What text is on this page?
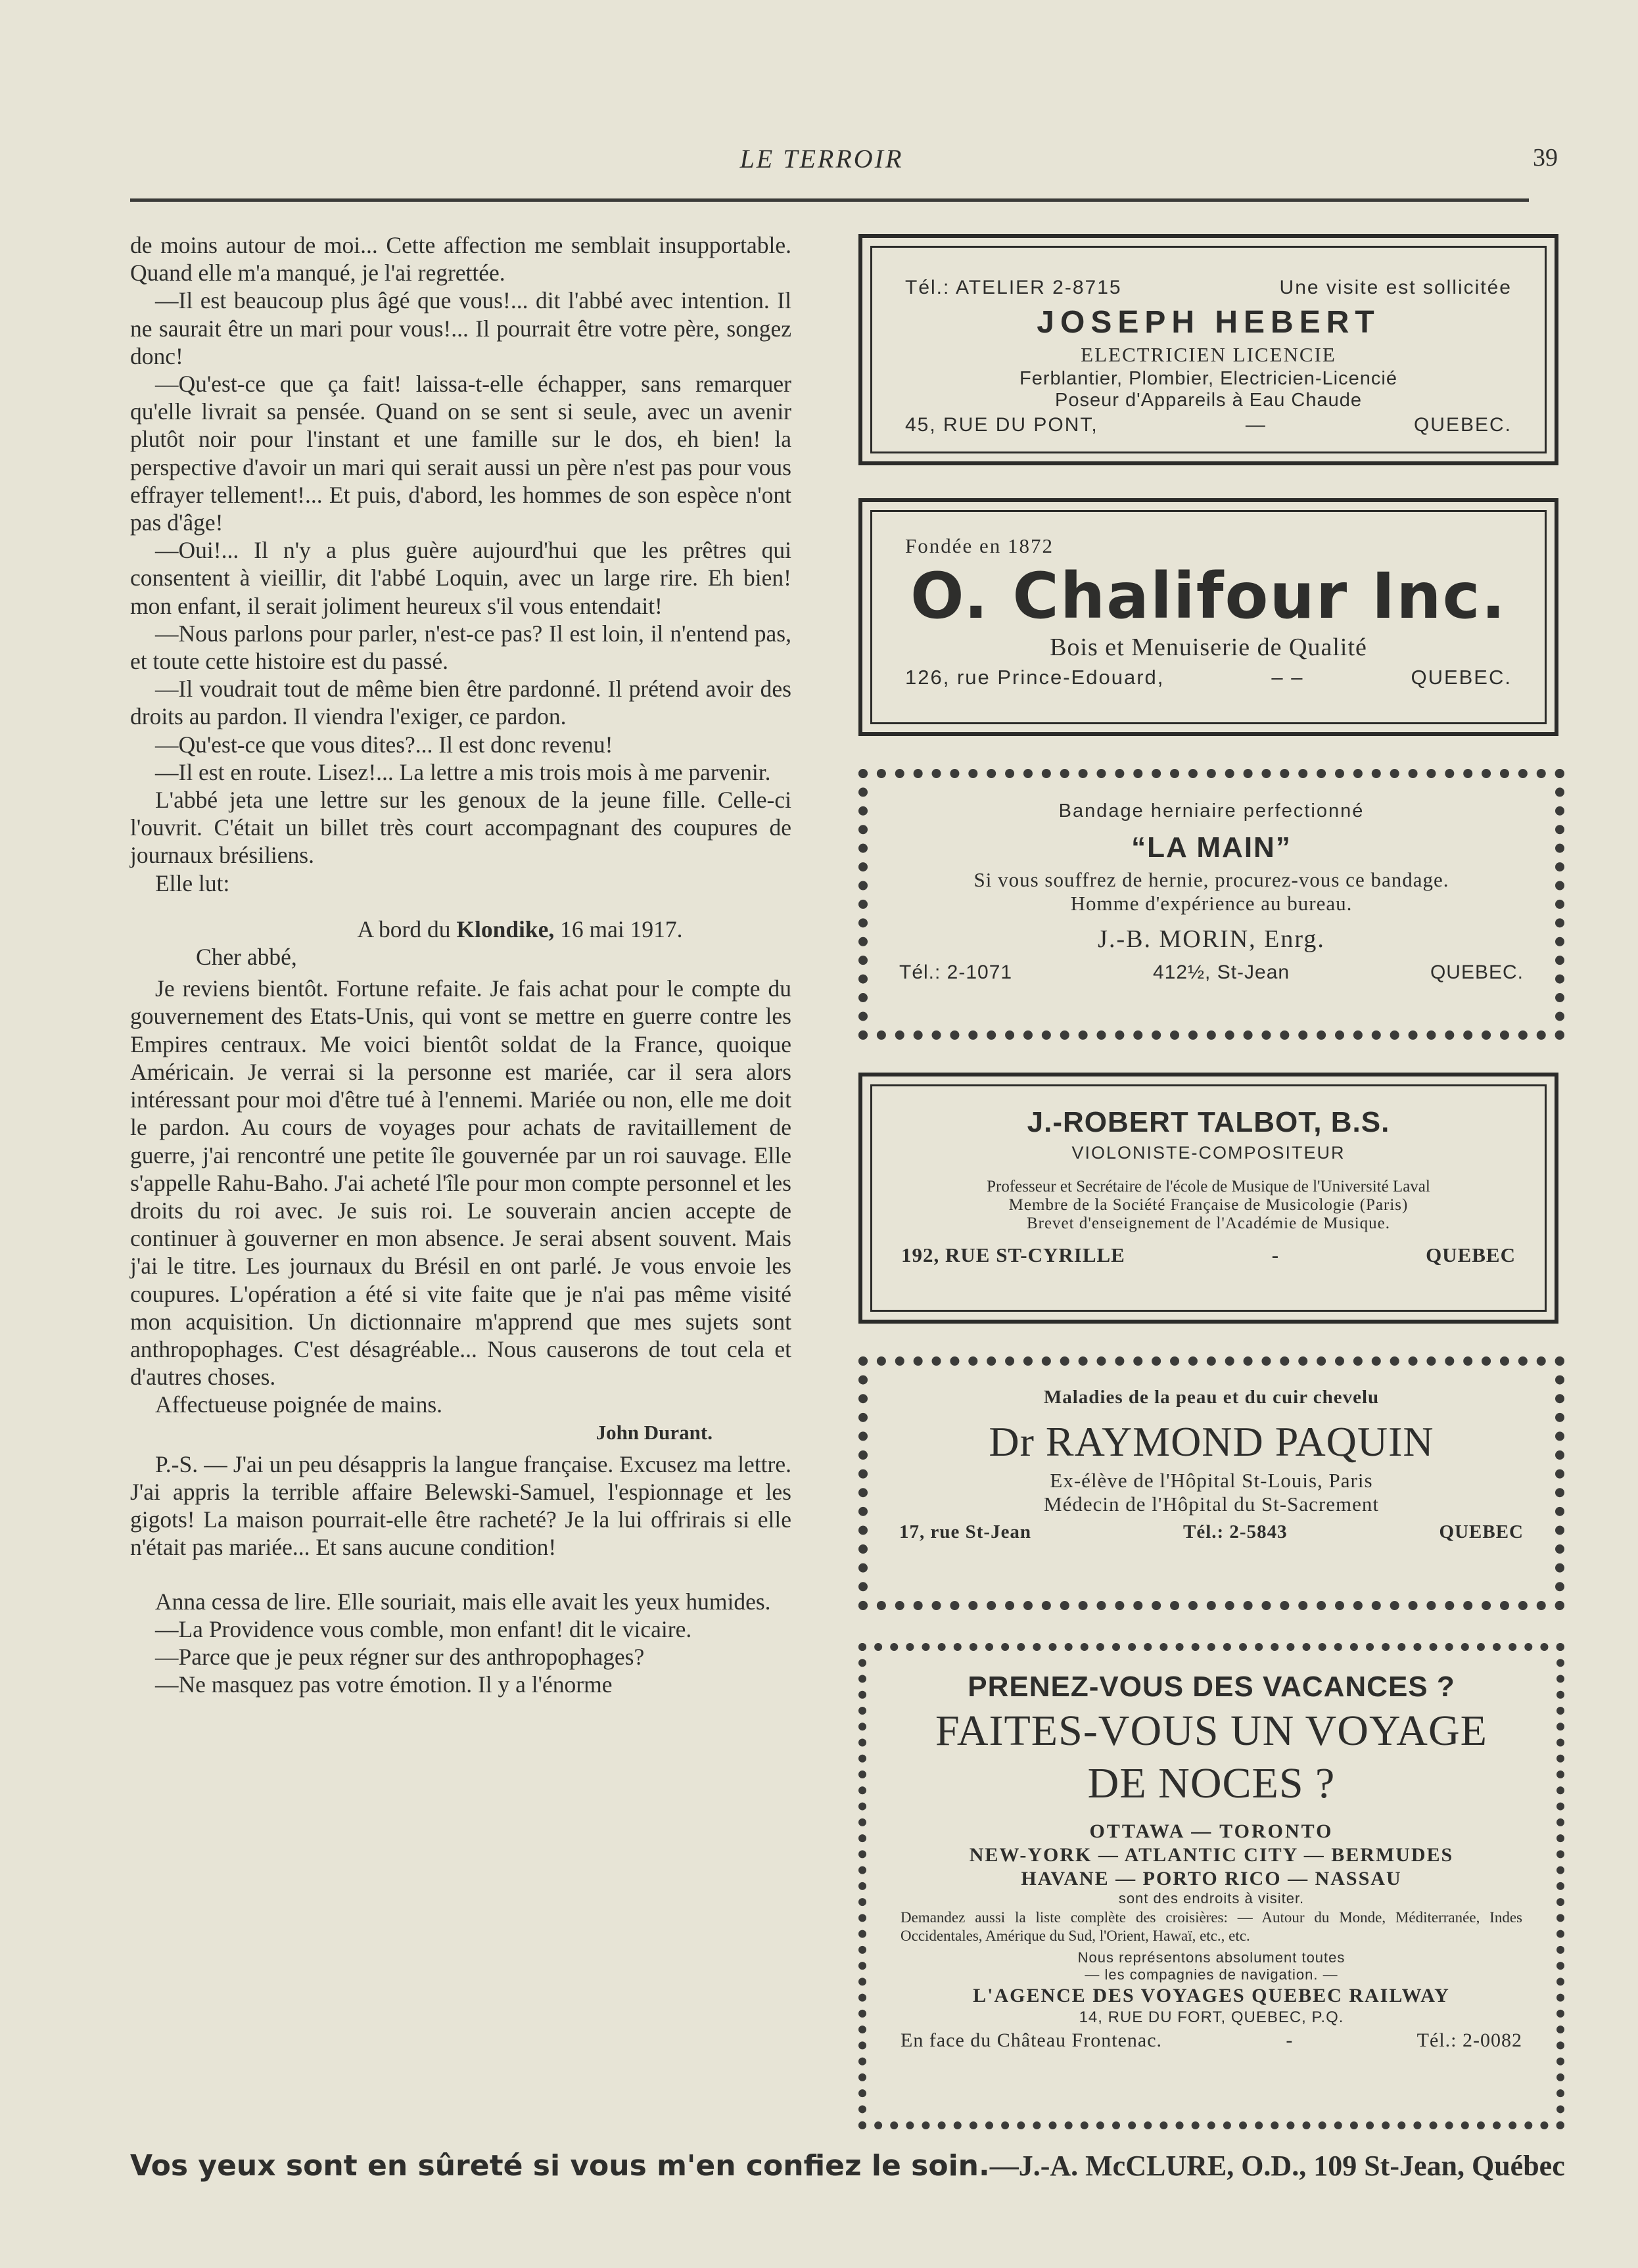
LE TERROIR	39

de moins autour de moi... Cette affection me semblait insupportable. Quand elle m'a manqué, je l'ai regrettée.

—Il est beaucoup plus âgé que vous!... dit l'abbé avec intention. Il ne saurait être un mari pour vous!... Il pourrait être votre père, songez donc!

—Qu'est-ce que ça fait! laissa-t-elle échapper, sans remarquer qu'elle livrait sa pensée. Quand on se sent si seule, avec un avenir plutôt noir pour l'instant et une famille sur le dos, eh bien! la perspective d'avoir un mari qui serait aussi un père n'est pas pour vous effrayer tellement!... Et puis, d'abord, les hommes de son espèce n'ont pas d'âge!

—Oui!... Il n'y a plus guère aujourd'hui que les prêtres qui consentent à vieillir, dit l'abbé Loquin, avec un large rire. Eh bien! mon enfant, il serait joliment heureux s'il vous entendait!

—Nous parlons pour parler, n'est-ce pas? Il est loin, il n'entend pas, et toute cette histoire est du passé.

—Il voudrait tout de même bien être pardonné. Il prétend avoir des droits au pardon. Il viendra l'exiger, ce pardon.

—Qu'est-ce que vous dites?... Il est donc revenu!

—Il est en route. Lisez!... La lettre a mis trois mois à me parvenir.

L'abbé jeta une lettre sur les genoux de la jeune fille. Celle-ci l'ouvrit. C'était un billet très court accompagnant des coupures de journaux brésiliens.

Elle lut:

A bord du Klondike, 16 mai 1917.

Cher abbé,

Je reviens bientôt. Fortune refaite. Je fais achat pour le compte du gouvernement des Etats-Unis, qui vont se mettre en guerre contre les Empires centraux. Me voici bientôt soldat de la France, quoique Américain. Je verrai si la personne est mariée, car il sera alors intéressant pour moi d'être tué à l'ennemi. Mariée ou non, elle me doit le pardon. Au cours de voyages pour achats de ravitaillement de guerre, j'ai rencontré une petite île gouvernée par un roi sauvage. Elle s'appelle Rahu-Baho. J'ai acheté l'île pour mon compte personnel et les droits du roi avec. Je suis roi. Le souverain ancien accepte de continuer à gouverner en mon absence. Je serai absent souvent. Mais j'ai le titre. Les journaux du Brésil en ont parlé. Je vous envoie les coupures. L'opération a été si vite faite que je n'ai pas même visité mon acquisition. Un dictionnaire m'apprend que mes sujets sont anthropophages. C'est désagréable... Nous causerons de tout cela et d'autres choses.

Affectueuse poignée de mains.

John Durant.

P.-S. — J'ai un peu désappris la langue française. Excusez ma lettre. J'ai appris la terrible affaire Belewski-Samuel, l'espionnage et les gigots! La maison pourrait-elle être racheté? Je la lui offrirais si elle n'était pas mariée... Et sans aucune condition!

Anna cessa de lire. Elle souriait, mais elle avait les yeux humides.

—La Providence vous comble, mon enfant! dit le vicaire.

—Parce que je peux régner sur des anthropophages?

—Ne masquez pas votre émotion. Il y a l'énorme

Tél.: ATELIER 2-8715	Une visite est sollicitée
JOSEPH HEBERT
ELECTRICIEN LICENCIE
Ferblantier, Plombier, Electricien-Licencié
Poseur d'Appareils à Eau Chaude
45, RUE DU PONT,	—	QUEBEC.
Fondée en 1872
O. Chalifour Inc.
Bois et Menuiserie de Qualité
126, rue Prince-Edouard,	– –	QUEBEC.
Bandage herniaire perfectionné
“LA MAIN”
Si vous souffrez de hernie, procurez-vous ce bandage.
Homme d'expérience au bureau.
J.-B. MORIN, Enrg.
Tél.: 2-1071	412½, St-Jean	QUEBEC.
J.-ROBERT TALBOT, B.S.
VIOLONISTE-COMPOSITEUR
Professeur et Secrétaire de l'école de Musique de l'Université Laval
Membre de la Société Française de Musicologie (Paris)
Brevet d'enseignement de l'Académie de Musique.
192, RUE ST-CYRILLE	-	QUEBEC
Maladies de la peau et du cuir chevelu
Dr RAYMOND PAQUIN
Ex-élève de l'Hôpital St-Louis, Paris
Médecin de l'Hôpital du St-Sacrement
17, rue St-Jean	Tél.: 2-5843	QUEBEC
PRENEZ-VOUS DES VACANCES ?
FAITES-VOUS UN VOYAGE
DE NOCES ?
OTTAWA — TORONTO
NEW-YORK — ATLANTIC CITY — BERMUDES
HAVANE — PORTO RICO — NASSAU
sont des endroits à visiter.
Demandez aussi la liste complète des croisières: — Autour du Monde, Méditerranée, Indes Occidentales, Amérique du Sud, l'Orient, Hawaï, etc., etc.
Nous représentons absolument toutes
— les compagnies de navigation. —
L'AGENCE DES VOYAGES QUEBEC RAILWAY
14, RUE DU FORT, QUEBEC, P.Q.
En face du Château Frontenac.	-	Tél.: 2-0082
Vos yeux sont en sûreté si vous m'en confiez le soin.—J.-A. McCLURE, O.D., 109 St-Jean, Québec
